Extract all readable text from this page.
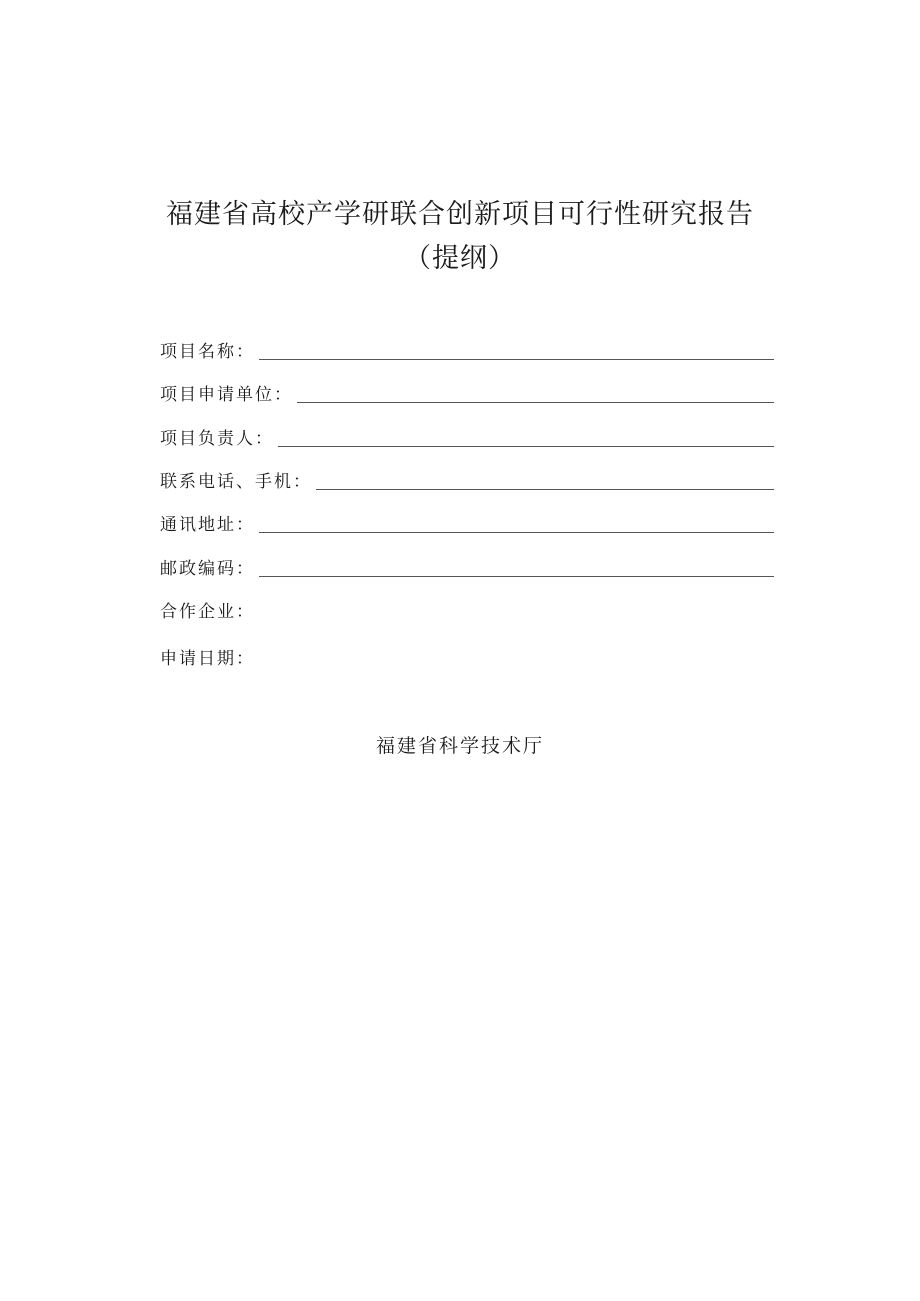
福建省高校产学研联合创新项目可行性研究报告
（提纲）
项目名称：
项目申请单位：
项目负责人：
联系电话、手机：
通讯地址：
邮政编码：
合作企业：
申请日期：
福建省科学技术厅
